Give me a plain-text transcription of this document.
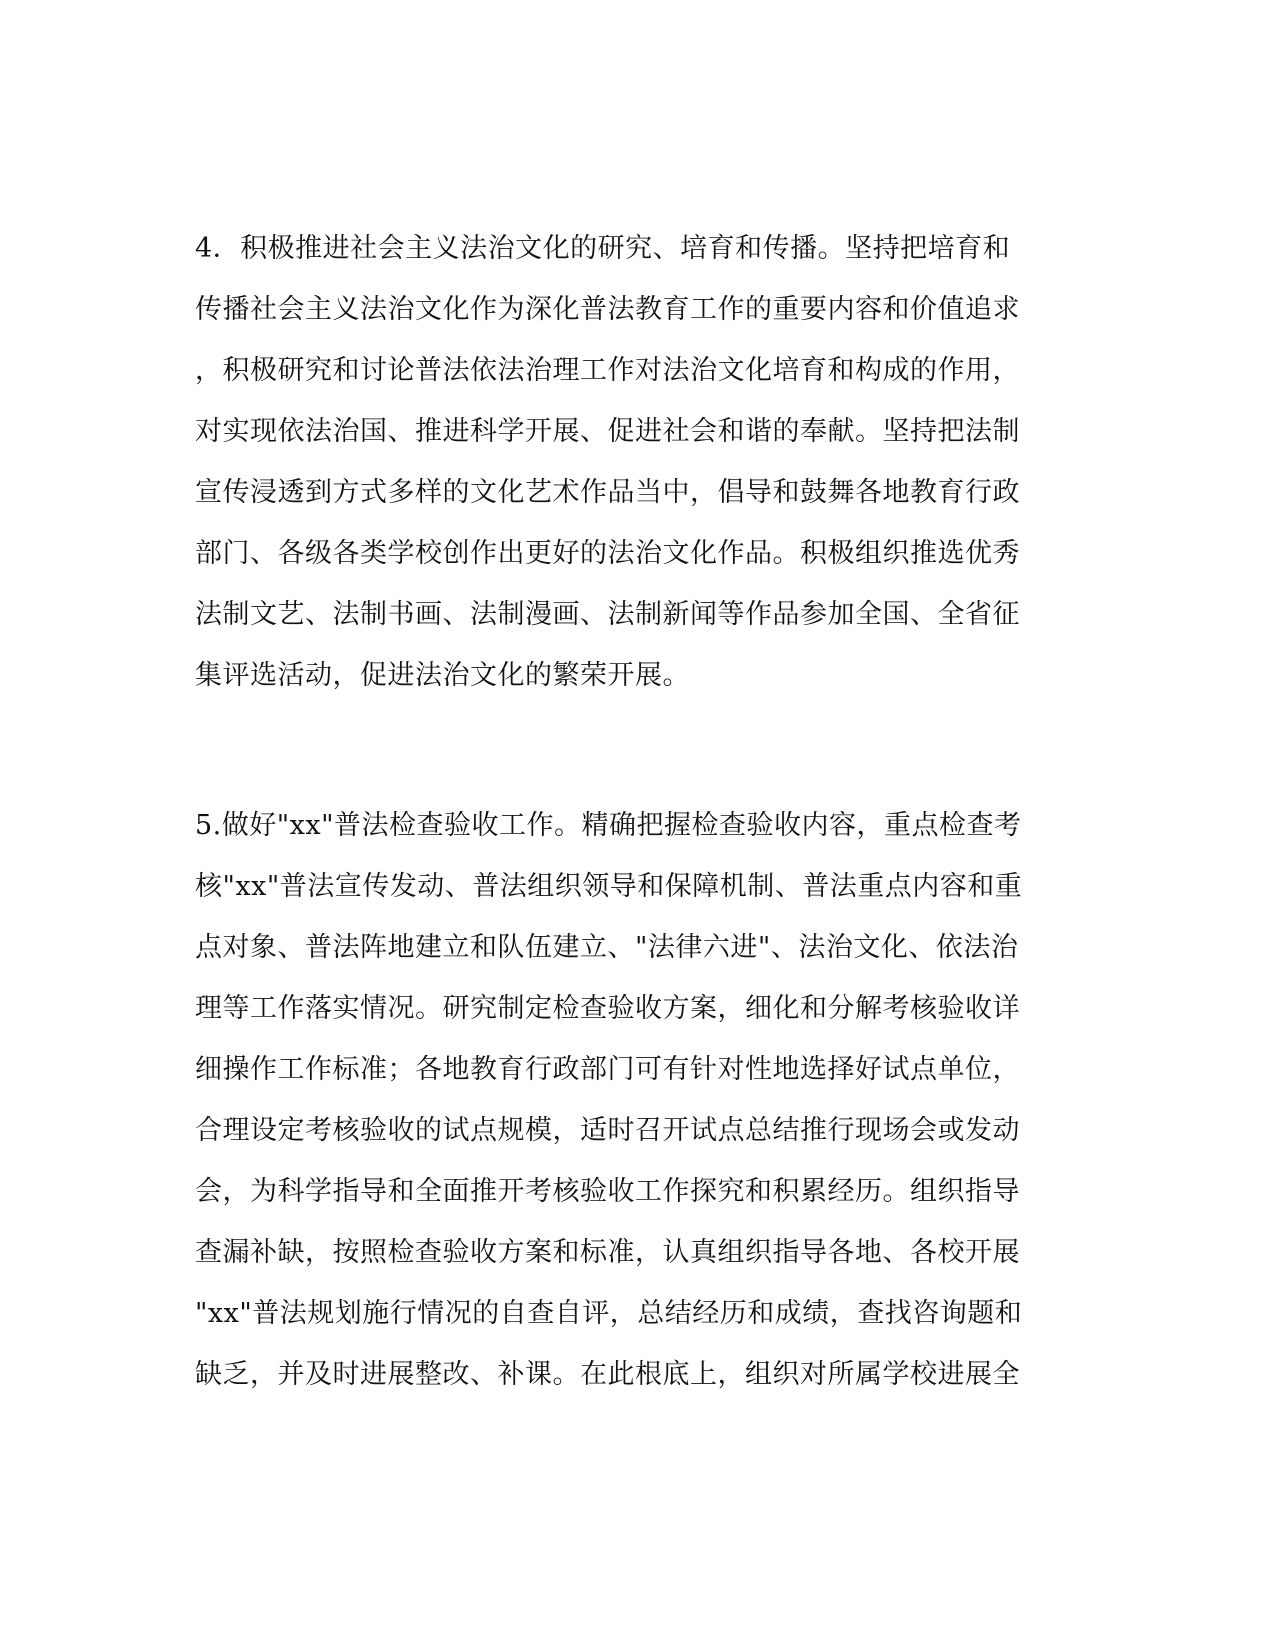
4．积极推进社会主义法治文化的研究、培育和传播。坚持把培育和
传播社会主义法治文化作为深化普法教育工作的重要内容和价值追求
，积极研究和讨论普法依法治理工作对法治文化培育和构成的作用，
对实现依法治国、推进科学开展、促进社会和谐的奉献。坚持把法制
宣传浸透到方式多样的文化艺术作品当中，倡导和鼓舞各地教育行政
部门、各级各类学校创作出更好的法治文化作品。积极组织推选优秀
法制文艺、法制书画、法制漫画、法制新闻等作品参加全国、全省征
集评选活动，促进法治文化的繁荣开展。
5.做好"xx"普法检查验收工作。精确把握检查验收内容，重点检查考
核"xx"普法宣传发动、普法组织领导和保障机制、普法重点内容和重
点对象、普法阵地建立和队伍建立、"法律六进"、法治文化、依法治
理等工作落实情况。研究制定检查验收方案，细化和分解考核验收详
细操作工作标准；各地教育行政部门可有针对性地选择好试点单位，
合理设定考核验收的试点规模，适时召开试点总结推行现场会或发动
会，为科学指导和全面推开考核验收工作探究和积累经历。组织指导
查漏补缺，按照检查验收方案和标准，认真组织指导各地、各校开展
"xx"普法规划施行情况的自查自评，总结经历和成绩，查找咨询题和
缺乏，并及时进展整改、补课。在此根底上，组织对所属学校进展全
